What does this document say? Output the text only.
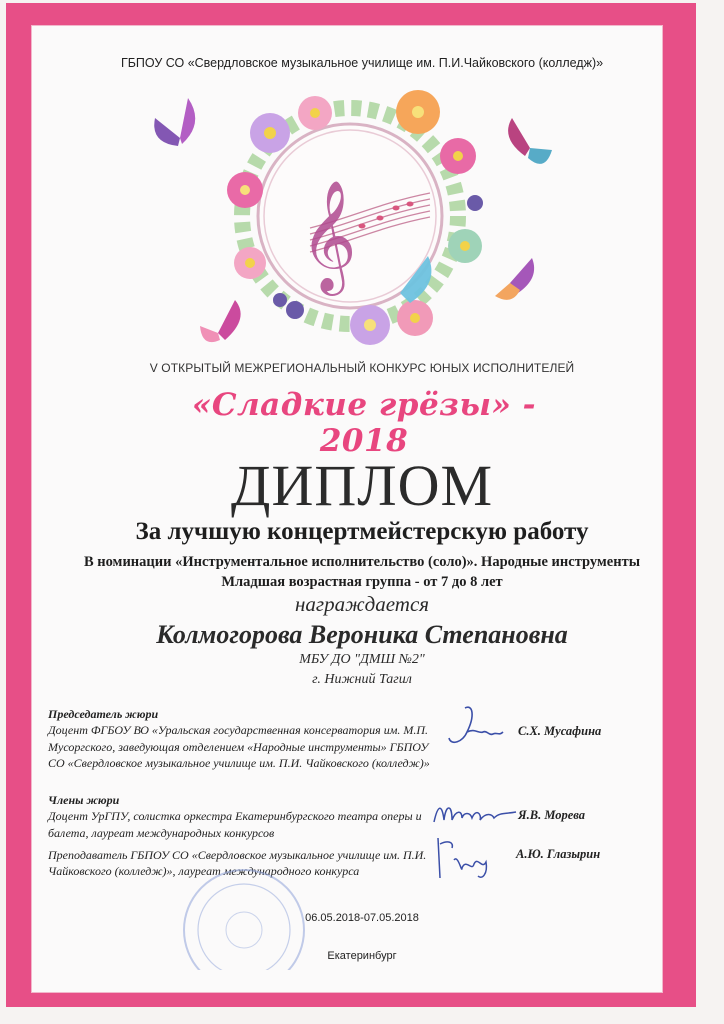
ГБПОУ СО «Свердловское музыкальное училище им. П.И.Чайковского (колледж)»
𝄞
V ОТКРЫТЫЙ МЕЖРЕГИОНАЛЬНЫЙ КОНКУРС ЮНЫХ ИСПОЛНИТЕЛЕЙ
«Сладкие грёзы» - 2018
ДИПЛОМ
За лучшую концертмейстерскую работу
В номинации «Инструментальное исполнительство (соло)». Народные инструменты
Младшая возрастная группа - от 7 до 8 лет
награждается
Колмогорова Вероника Степановна
МБУ ДО "ДМШ №2"
г. Нижний Тагил
Председатель жюри
Доцент ФГБОУ ВО «Уральская государственная консерватория им. М.П. Мусоргского, заведующая отделением «Народные инструменты» ГБПОУ СО «Свердловское музыкальное училище им. П.И. Чайковского (колледж)»
С.Х. Мусафина
Члены жюри
Доцент УрГПУ, солистка оркестра Екатеринбургского театра оперы и балета, лауреат международных конкурсов
Я.В. Морева
Преподаватель ГБПОУ СО «Свердловское музыкальное училище им. П.И. Чайковского (колледж)», лауреат международного конкурса
А.Ю. Глазырин
06.05.2018-07.05.2018
Екатеринбург
